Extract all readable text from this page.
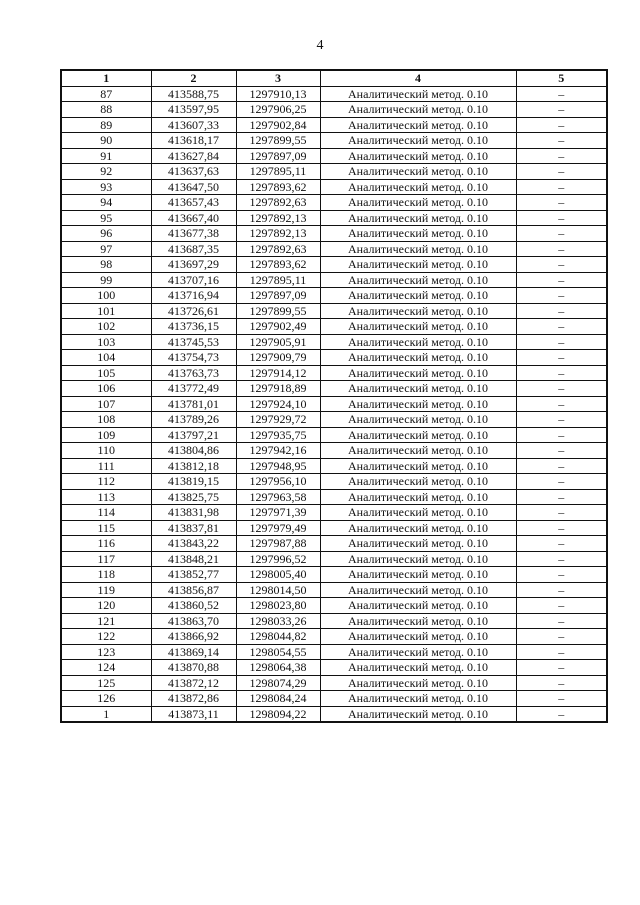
4
1	2	3	4	5
87	413588,75	1297910,13	Аналитический метод. 0.10	–
88	413597,95	1297906,25	Аналитический метод. 0.10	–
89	413607,33	1297902,84	Аналитический метод. 0.10	–
90	413618,17	1297899,55	Аналитический метод. 0.10	–
91	413627,84	1297897,09	Аналитический метод. 0.10	–
92	413637,63	1297895,11	Аналитический метод. 0.10	–
93	413647,50	1297893,62	Аналитический метод. 0.10	–
94	413657,43	1297892,63	Аналитический метод. 0.10	–
95	413667,40	1297892,13	Аналитический метод. 0.10	–
96	413677,38	1297892,13	Аналитический метод. 0.10	–
97	413687,35	1297892,63	Аналитический метод. 0.10	–
98	413697,29	1297893,62	Аналитический метод. 0.10	–
99	413707,16	1297895,11	Аналитический метод. 0.10	–
100	413716,94	1297897,09	Аналитический метод. 0.10	–
101	413726,61	1297899,55	Аналитический метод. 0.10	–
102	413736,15	1297902,49	Аналитический метод. 0.10	–
103	413745,53	1297905,91	Аналитический метод. 0.10	–
104	413754,73	1297909,79	Аналитический метод. 0.10	–
105	413763,73	1297914,12	Аналитический метод. 0.10	–
106	413772,49	1297918,89	Аналитический метод. 0.10	–
107	413781,01	1297924,10	Аналитический метод. 0.10	–
108	413789,26	1297929,72	Аналитический метод. 0.10	–
109	413797,21	1297935,75	Аналитический метод. 0.10	–
110	413804,86	1297942,16	Аналитический метод. 0.10	–
111	413812,18	1297948,95	Аналитический метод. 0.10	–
112	413819,15	1297956,10	Аналитический метод. 0.10	–
113	413825,75	1297963,58	Аналитический метод. 0.10	–
114	413831,98	1297971,39	Аналитический метод. 0.10	–
115	413837,81	1297979,49	Аналитический метод. 0.10	–
116	413843,22	1297987,88	Аналитический метод. 0.10	–
117	413848,21	1297996,52	Аналитический метод. 0.10	–
118	413852,77	1298005,40	Аналитический метод. 0.10	–
119	413856,87	1298014,50	Аналитический метод. 0.10	–
120	413860,52	1298023,80	Аналитический метод. 0.10	–
121	413863,70	1298033,26	Аналитический метод. 0.10	–
122	413866,92	1298044,82	Аналитический метод. 0.10	–
123	413869,14	1298054,55	Аналитический метод. 0.10	–
124	413870,88	1298064,38	Аналитический метод. 0.10	–
125	413872,12	1298074,29	Аналитический метод. 0.10	–
126	413872,86	1298084,24	Аналитический метод. 0.10	–
1	413873,11	1298094,22	Аналитический метод. 0.10	–
